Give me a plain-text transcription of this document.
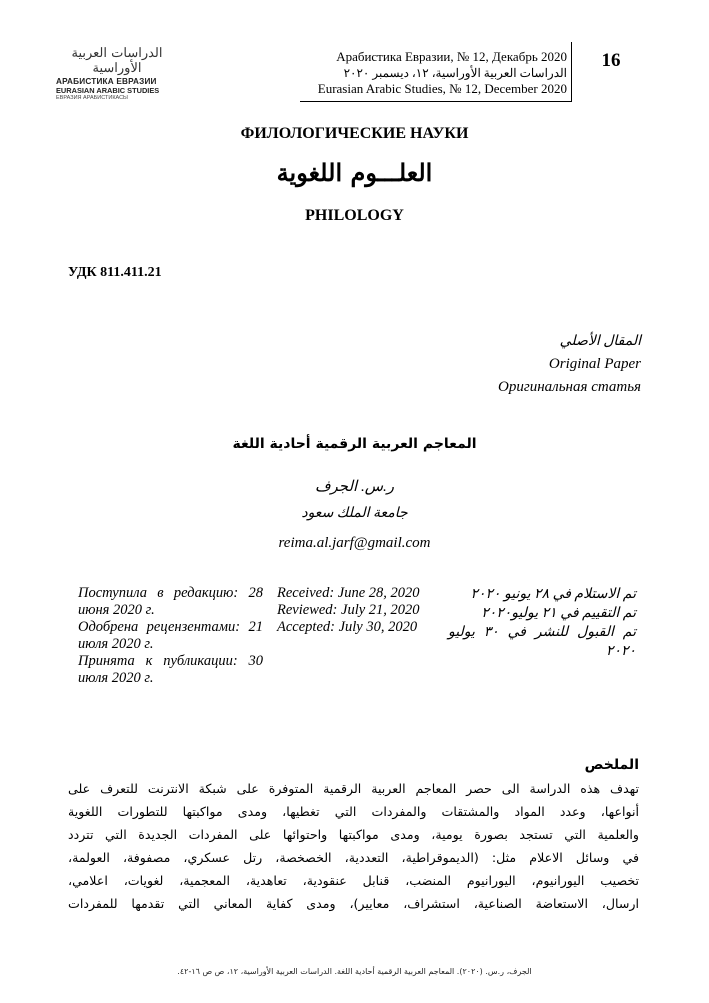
الدراسات العربية الأوراسية
АРАБИСТИКА ЕВРАЗИИ
EURASIAN ARABIC STUDIES
ЕВРАЗИЯ АРАБИСТИКАСЫ
Арабистика Евразии, № 12, Декабрь 2020
الدراسات العربية الأوراسية، ١٢، ديسمبر ٢٠٢٠
Eurasian Arabic Studies, № 12, December 2020
16
ФИЛОЛОГИЧЕСКИЕ НАУКИ
العلـــوم اللغوية
PHILOLOGY
УДК 811.411.21
المقال الأصلي
Original Paper
Оригинальная статья
المعاجم العربية الرقمية أحادية اللغة
ر.س. الجرف
جامعة الملك سعود
reima.al.jarf@gmail.com

Поступила в редакцию: 28 июня 2020 г.

Одобрена рецензентами: 21 июля 2020 г.

Принята к публикации: 30 июля 2020 г.

Received: June 28, 2020

Reviewed: July 21, 2020

Accepted: July 30, 2020

تم الاستلام في ٢٨ يونيو ٢٠٢٠

تم التقييم في ٢١ يوليو٢٠٢٠

تم القبول للنشر في ٣٠ يوليو ٢٠٢٠

الملخص
تهدف هذه الدراسة الى حصر المعاجم العربية الرقمية المتوفرة على شبكة الانترنت للتعرف على
أنواعها، وعدد المواد والمشتقات والمفردات التي تغطيها، ومدى مواكبتها للتطورات اللغوية
والعلمية التي تستجد بصورة يومية، ومدى مواكبتها واحتوائها على المفردات الجديدة التي تتردد
في وسائل الاعلام مثل: (الديموقراطية، التعددية، الخصخصة، رتل عسكري، مصفوفة، العولمة،
تخصيب اليورانيوم، اليورانيوم المنضب، قنابل عنقودية، تعاهدية، المعجمية، لغويات، اعلامي،
ارسال، الاستعاضة الصناعية، استشراف، معايير)، ومدى كفاية المعاني التي تقدمها للمفردات
الجرف، ر.س. (٢٠٢٠). المعاجم العربية الرقمية أحادية اللغة. الدراسات العربية الأوراسية، ١٢، ص ص ١٦-٤٢.
